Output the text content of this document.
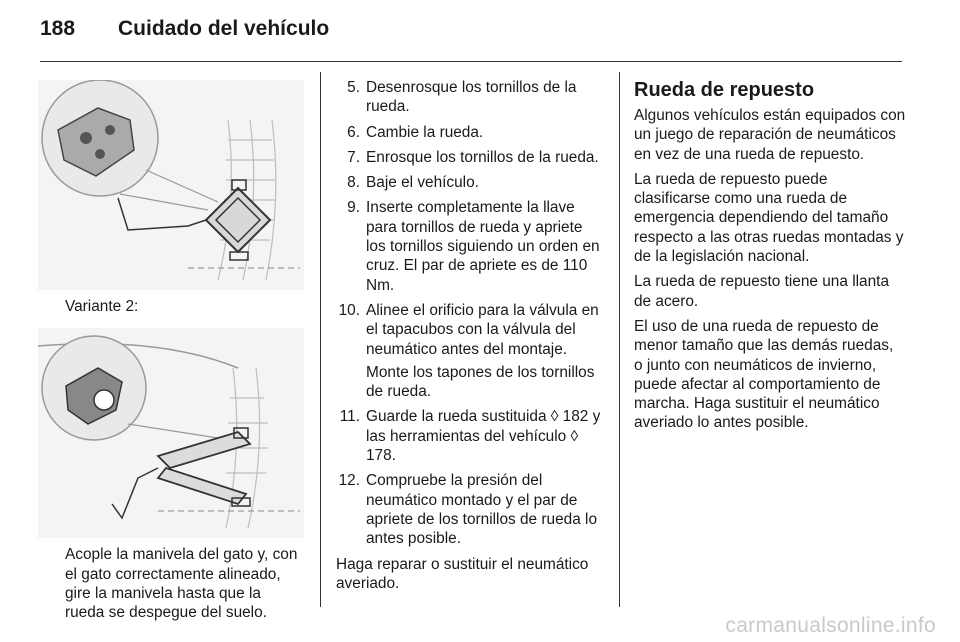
188 Cuidado del vehículo
Variante 2:
Acople la manivela del gato y, con el gato correctamente alineado, gire la manivela hasta que la rueda se despegue del suelo.
5. Desenrosque los tornillos de la rueda.
6. Cambie la rueda.
7. Enrosque los tornillos de la rueda.
8. Baje el vehículo.
9. Inserte completamente la llave para tornillos de rueda y apriete los tornillos siguiendo un orden en cruz. El par de apriete es de 110 Nm.
10. Alinee el orificio para la válvula en el tapacubos con la válvula del neumático antes del montaje.
Monte los tapones de los tornillos de rueda.
11. Guarde la rueda sustituida ◊ 182 y las herramientas del vehículo ◊ 178.
12. Compruebe la presión del neumático montado y el par de apriete de los tornillos de rueda lo antes posible.
Haga reparar o sustituir el neumático averiado.
Rueda de repuesto

Algunos vehículos están equipados con un juego de reparación de neumáticos en vez de una rueda de repuesto.

La rueda de repuesto puede clasificarse como una rueda de emergencia dependiendo del tamaño respecto a las otras ruedas montadas y de la legislación nacional.

La rueda de repuesto tiene una llanta de acero.

El uso de una rueda de repuesto de menor tamaño que las demás ruedas, o junto con neumáticos de invierno, puede afectar al comportamiento de marcha. Haga sustituir el neumático averiado lo antes posible.

carmanualsonline.info
